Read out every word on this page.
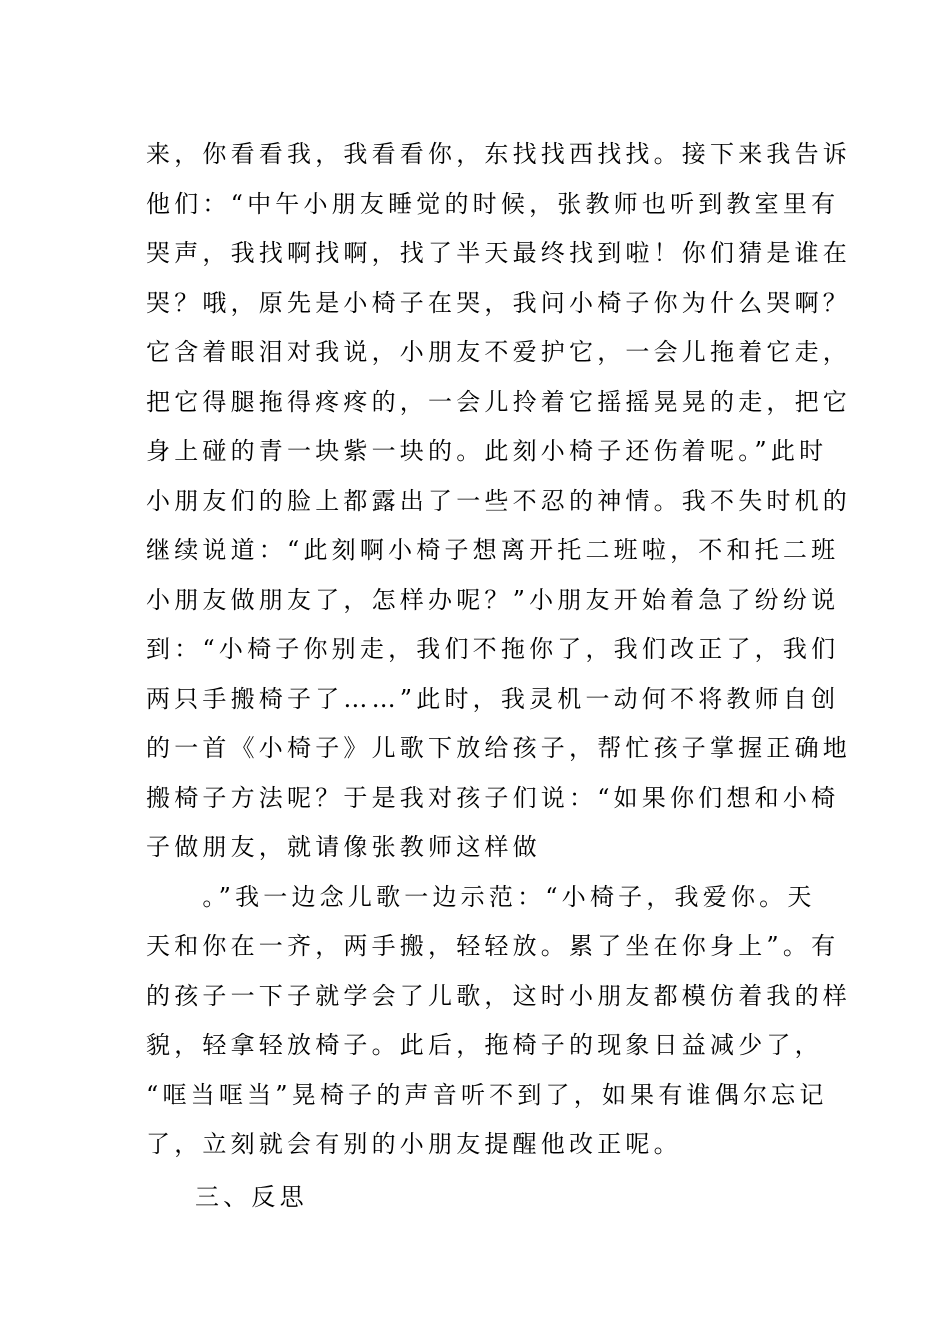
来，你看看我，我看看你，东找找西找找。接下来我告诉
他们：“中午小朋友睡觉的时候，张教师也听到教室里有
哭声，我找啊找啊，找了半天最终找到啦！你们猜是谁在
哭？哦，原先是小椅子在哭，我问小椅子你为什么哭啊？
它含着眼泪对我说，小朋友不爱护它，一会儿拖着它走，
把它得腿拖得疼疼的，一会儿拎着它摇摇晃晃的走，把它
身上碰的青一块紫一块的。此刻小椅子还伤着呢。”此时
小朋友们的脸上都露出了一些不忍的神情。我不失时机的
继续说道：“此刻啊小椅子想离开托二班啦，不和托二班
小朋友做朋友了，怎样办呢？”小朋友开始着急了纷纷说
到：“小椅子你别走，我们不拖你了，我们改正了，我们
两只手搬椅子了……”此时，我灵机一动何不将教师自创
的一首《小椅子》儿歌下放给孩子，帮忙孩子掌握正确地
搬椅子方法呢？于是我对孩子们说：“如果你们想和小椅
子做朋友，就请像张教师这样做
　　。”我一边念儿歌一边示范：“小椅子，我爱你。天
天和你在一齐，两手搬，轻轻放。累了坐在你身上”。有
的孩子一下子就学会了儿歌，这时小朋友都模仿着我的样
貌，轻拿轻放椅子。此后，拖椅子的现象日益减少了，
“哐当哐当”晃椅子的声音听不到了，如果有谁偶尔忘记
了，立刻就会有别的小朋友提醒他改正呢。
三、反思
